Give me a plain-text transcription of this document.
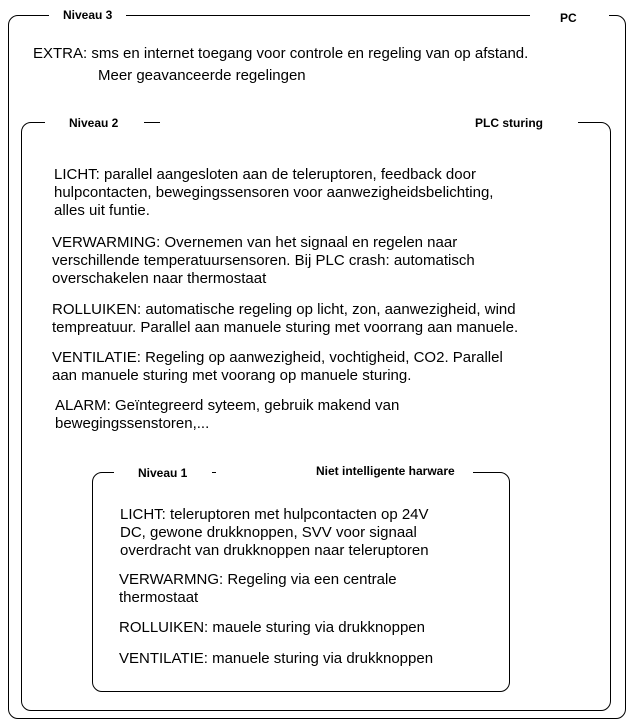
Niveau 3	PC
EXTRA: sms en internet toegang voor controle en regeling van op afstand.
Meer geavanceerde regelingen
Niveau 2	PLC sturing
LICHT: parallel aangesloten aan de teleruptoren, feedback door
hulpcontacten, bewegingssensoren voor aanwezigheidsbelichting,
alles uit funtie.
VERWARMING: Overnemen van het signaal en regelen naar
verschillende temperatuursensoren. Bij PLC crash: automatisch
overschakelen naar thermostaat
ROLLUIKEN: automatische regeling op licht, zon, aanwezigheid, wind
tempreatuur. Parallel aan manuele sturing met voorrang aan manuele.
VENTILATIE: Regeling op aanwezigheid, vochtigheid, CO2. Parallel
aan manuele sturing met voorang op manuele sturing.
ALARM: Geïntegreerd syteem, gebruik makend van
bewegingssenstoren,...
Niveau 1	Niet intelligente harware
LICHT: teleruptoren met hulpcontacten op 24V
DC, gewone drukknoppen, SVV voor signaal
overdracht van drukknoppen naar teleruptoren
VERWARMNG: Regeling via een centrale
thermostaat
ROLLUIKEN: mauele sturing via drukknoppen
VENTILATIE: manuele sturing via drukknoppen
